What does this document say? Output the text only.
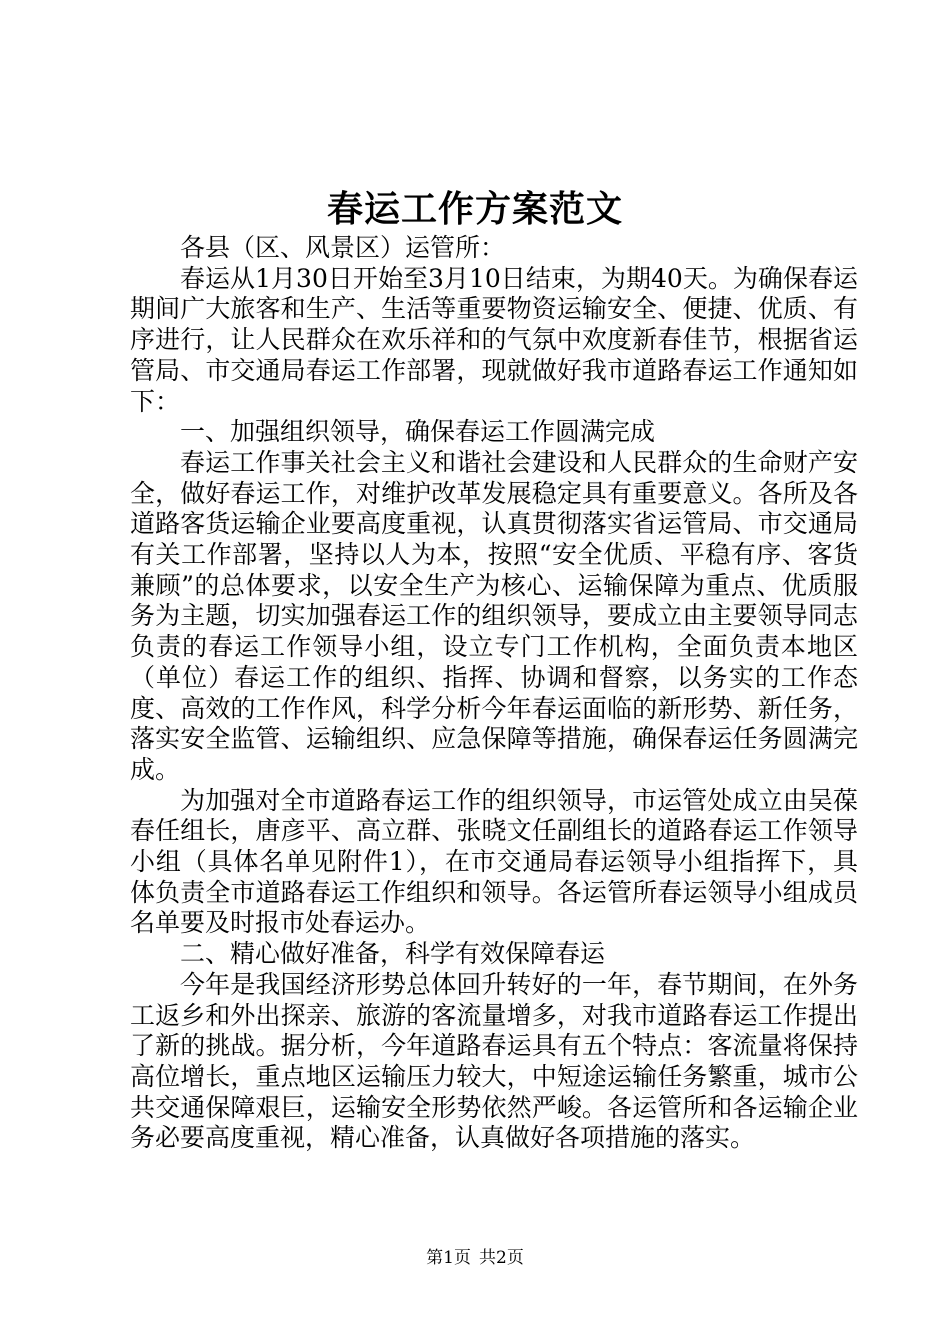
春运工作方案范文

各县（区、风景区）运管所：

春运从1月30日开始至3月10日结束，为期40天。为确保春运期间广大旅客和生产、生活等重要物资运输安全、便捷、优质、有序进行，让人民群众在欢乐祥和的气氛中欢度新春佳节，根据省运管局、市交通局春运工作部署，现就做好我市道路春运工作通知如下：

一、加强组织领导，确保春运工作圆满完成

春运工作事关社会主义和谐社会建设和人民群众的生命财产安全，做好春运工作，对维护改革发展稳定具有重要意义。各所及各道路客货运输企业要高度重视，认真贯彻落实省运管局、市交通局有关工作部署，坚持以人为本，按照“安全优质、平稳有序、客货兼顾”的总体要求，以安全生产为核心、运输保障为重点、优质服务为主题，切实加强春运工作的组织领导，要成立由主要领导同志负责的春运工作领导小组，设立专门工作机构，全面负责本地区（单位）春运工作的组织、指挥、协调和督察，以务实的工作态度、高效的工作作风，科学分析今年春运面临的新形势、新任务，落实安全监管、运输组织、应急保障等措施，确保春运任务圆满完成。

为加强对全市道路春运工作的组织领导，市运管处成立由吴葆春任组长，唐彦平、高立群、张晓文任副组长的道路春运工作领导小组（具体名单见附件1），在市交通局春运领导小组指挥下，具体负责全市道路春运工作组织和领导。各运管所春运领导小组成员名单要及时报市处春运办。

二、精心做好准备，科学有效保障春运

今年是我国经济形势总体回升转好的一年，春节期间，在外务工返乡和外出探亲、旅游的客流量增多，对我市道路春运工作提出了新的挑战。据分析，今年道路春运具有五个特点：客流量将保持高位增长，重点地区运输压力较大，中短途运输任务繁重，城市公共交通保障艰巨，运输安全形势依然严峻。各运管所和各运输企业务必要高度重视，精心准备，认真做好各项措施的落实。

第1页 共2页
